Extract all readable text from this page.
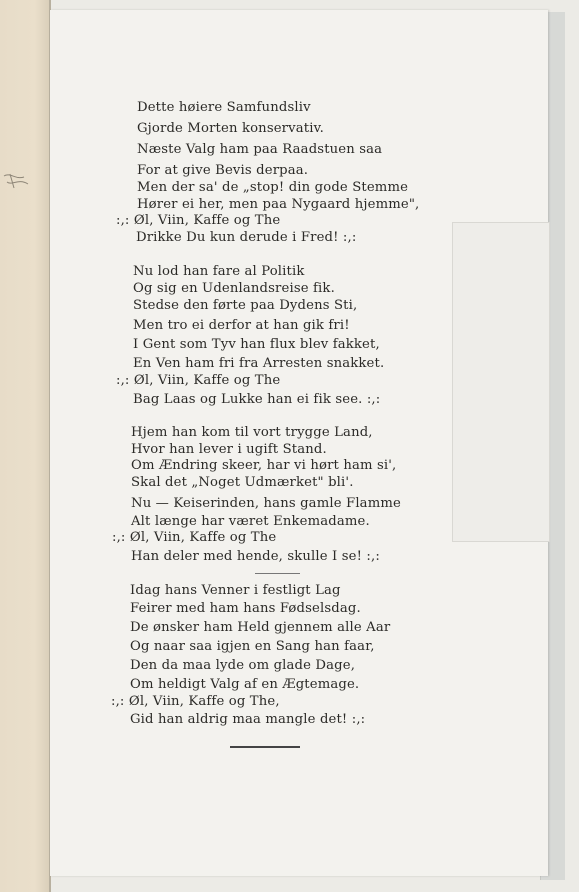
Dette høiere Samfundsliv
Gjorde Morten konservativ.
Næste Valg ham paa Raadstuen saa
For at give Bevis derpaa.
Men der sa' de „stop! din gode Stemme
Hører ei her, men paa Nygaard hjemme",
:,: Øl, Viin, Kaffe og The
Drikke Du kun derude i Fred! :,:
Nu lod han fare al Politik
Og sig en Udenlandsreise fik.
Stedse den førte paa Dydens Sti,
Men tro ei derfor at han gik fri!
I Gent som Tyv han flux blev fakket,
En Ven ham fri fra Arresten snakket.
:,: Øl, Viin, Kaffe og The
Bag Laas og Lukke han ei fik see. :,:
Hjem han kom til vort trygge Land,
Hvor han lever i ugift Stand.
Om Ændring skeer, har vi hørt ham si',
Skal det „Noget Udmærket" bli'.
Nu — Keiserinden, hans gamle Flamme
Alt længe har været Enkemadame.
:,: Øl, Viin, Kaffe og The
Han deler med hende, skulle I se! :,:
Idag hans Venner i festligt Lag
Feirer med ham hans Fødselsdag.
De ønsker ham Held gjennem alle Aar
Og naar saa igjen en Sang han faar,
Den da maa lyde om glade Dage,
Om heldigt Valg af en Ægtemage.
:,: Øl, Viin, Kaffe og The,
Gid han aldrig maa mangle det! :,:
